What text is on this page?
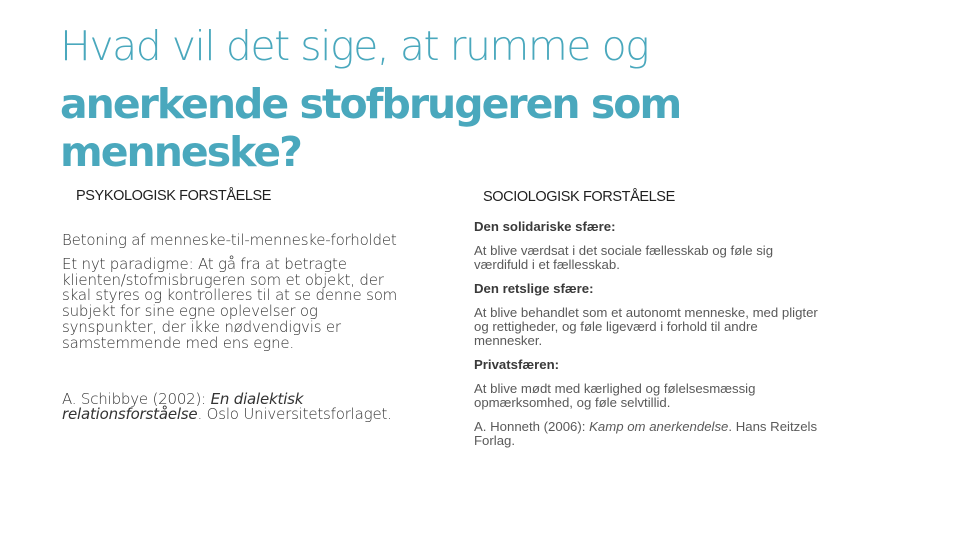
Hvad vil det sige, at rumme og
anerkende stofbrugeren som menneske?
PSYKOLOGISK FORSTÅELSE	SOCIOLOGISK FORSTÅELSE

Betoning af menneske-til-menneske-forholdet

Et nyt paradigme: At gå fra at betragte klienten/stofmisbrugeren som et objekt, der skal styres og kontrolleres til at se denne som subjekt for sine egne oplevelser og synspunkter, der ikke nødvendigvis er samstemmende med ens egne.

A. Schibbye (2002): En dialektisk relationsforståelse. Oslo Universitetsforlaget.

Den solidariske sfære:
At blive værdsat i det sociale fællesskab og føle sig værdifuld i et fællesskab.
Den retslige sfære:
At blive behandlet som et autonomt menneske, med pligter og rettigheder, og føle ligeværd i forhold til andre mennesker.
Privatsfæren:
At blive mødt med kærlighed og følelsesmæssig opmærksomhed, og føle selvtillid.
A. Honneth (2006): Kamp om anerkendelse. Hans Reitzels Forlag.
